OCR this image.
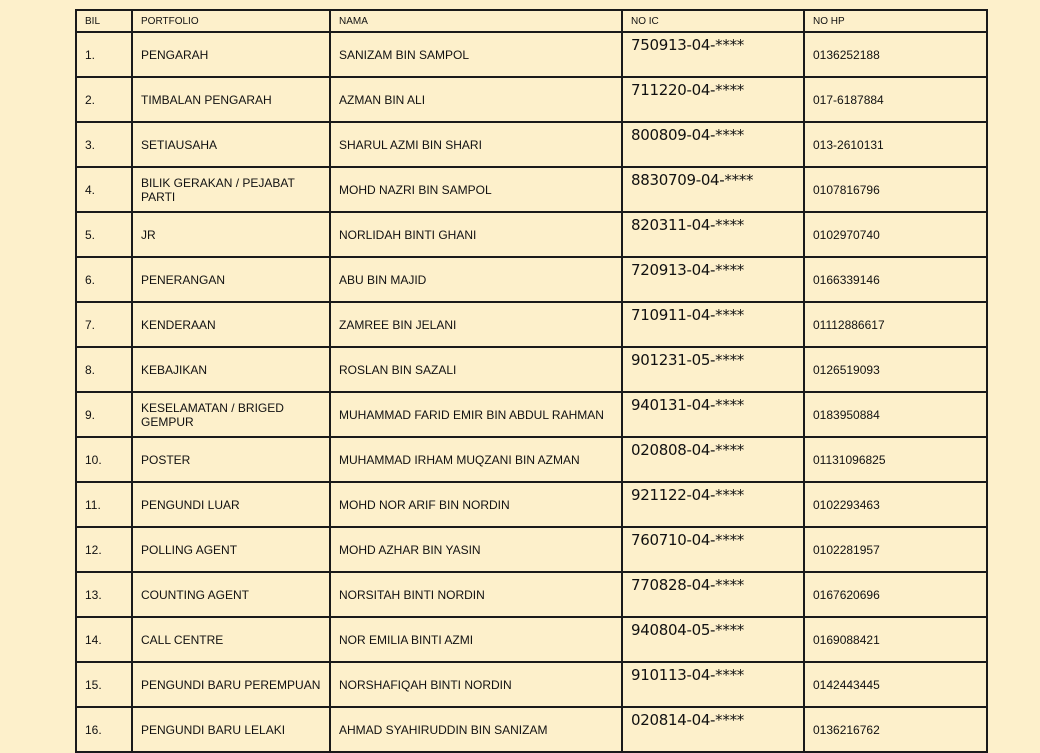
BIL	PORTFOLIO	NAMA	NO IC	NO HP
1.	PENGARAH	SANIZAM BIN SAMPOL	750913-04-****	0136252188
2.	TIMBALAN PENGARAH	AZMAN BIN ALI	711220-04-****	017-6187884
3.	SETIAUSAHA	SHARUL AZMI BIN SHARI	800809-04-****	013-2610131
4.	BILIK GERAKAN / PEJABAT PARTI	MOHD NAZRI BIN SAMPOL	8830709-04-****	0107816796
5.	JR	NORLIDAH BINTI GHANI	820311-04-****	0102970740
6.	PENERANGAN	ABU BIN MAJID	720913-04-****	0166339146
7.	KENDERAAN	ZAMREE BIN JELANI	710911-04-****	01112886617
8.	KEBAJIKAN	ROSLAN BIN SAZALI	901231-05-****	0126519093
9.	KESELAMATAN / BRIGED GEMPUR	MUHAMMAD FARID EMIR BIN ABDUL RAHMAN	940131-04-****	0183950884
10.	POSTER	MUHAMMAD IRHAM MUQZANI BIN AZMAN	020808-04-****	01131096825
11.	PENGUNDI LUAR	MOHD NOR ARIF BIN NORDIN	921122-04-****	0102293463
12.	POLLING AGENT	MOHD AZHAR BIN YASIN	760710-04-****	0102281957
13.	COUNTING AGENT	NORSITAH BINTI NORDIN	770828-04-****	0167620696
14.	CALL CENTRE	NOR EMILIA BINTI AZMI	940804-05-****	0169088421
15.	PENGUNDI BARU PEREMPUAN	NORSHAFIQAH BINTI NORDIN	910113-04-****	0142443445
16.	PENGUNDI BARU LELAKI	AHMAD SYAHIRUDDIN BIN SANIZAM	020814-04-****	0136216762
